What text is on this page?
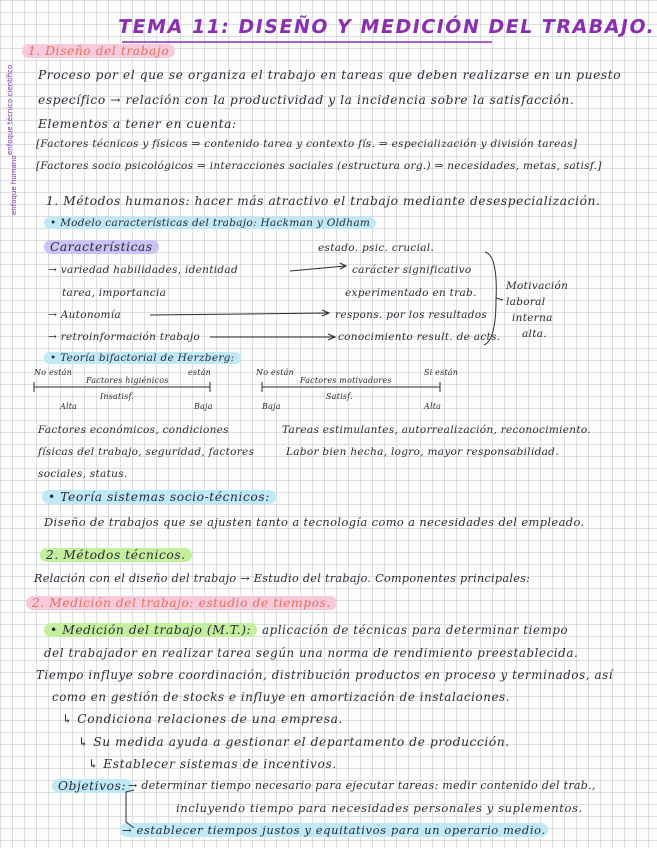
TEMA 11: DISEÑO Y MEDICIÓN DEL TRABAJO.
enfoque técnico científico
enfoque humano
1. Diseño del trabajo
Proceso por el que se organiza el trabajo en tareas que deben realizarse en un puesto
específico → relación con la productividad y la incidencia sobre la satisfacción.
Elementos a tener en cuenta:
[Factores técnicos y físicos ⇒ contenido tarea y contexto fís. ⇒ especialización y división tareas]
[Factores socio psicológicos ⇒ interacciones sociales (estructura org.) ⇒ necesidades, metas, satisf.]
1. Métodos humanos: hacer más atractivo el trabajo mediante desespecialización.
• Modelo características del trabajo: Hackman y Oldham
Características	estado. psic. crucial.
→ variedad habilidades, identidad	carácter significativo
tarea, importancia	experimentado en trab.
→ Autonomía	respons. por los resultados
→ retroinformación trabajo	conocimiento result. de acts.
Motivación
laboral
interna
alta.
• Teoría bifactorial de Herzberg:
No están	están
Factores higiénicos
Insatisf.
Alta	Baja
No están	Si están
Factores motivadores
Satisf.
Baja	Alta
Factores económicos, condiciones
físicas del trabajo, seguridad, factores
sociales, status.
Tareas estimulantes, autorrealización, reconocimiento.
Labor bien hecha, logro, mayor responsabilidad.
• Teoría sistemas socio-técnicos:
Diseño de trabajos que se ajusten tanto a tecnología como a necesidades del empleado.
2. Métodos técnicos.
Relación con el diseño del trabajo → Estudio del trabajo. Componentes principales:
2. Medición del trabajo: estudio de tiempos.
• Medición del trabajo (M.T.): aplicación de técnicas para determinar tiempo
del trabajador en realizar tarea según una norma de rendimiento preestablecida.
Tiempo influye sobre coordinación, distribución productos en proceso y terminados, así
como en gestión de stocks e influye en amortización de instalaciones.
↳ Condiciona relaciones de una empresa.
↳ Su medida ayuda a gestionar el departamento de producción.
↳ Establecer sistemas de incentivos.
Objetivos: → determinar tiempo necesario para ejecutar tareas: medir contenido del trab.,
incluyendo tiempo para necesidades personales y suplementos.
→ establecer tiempos justos y equitativos para un operario medio.
